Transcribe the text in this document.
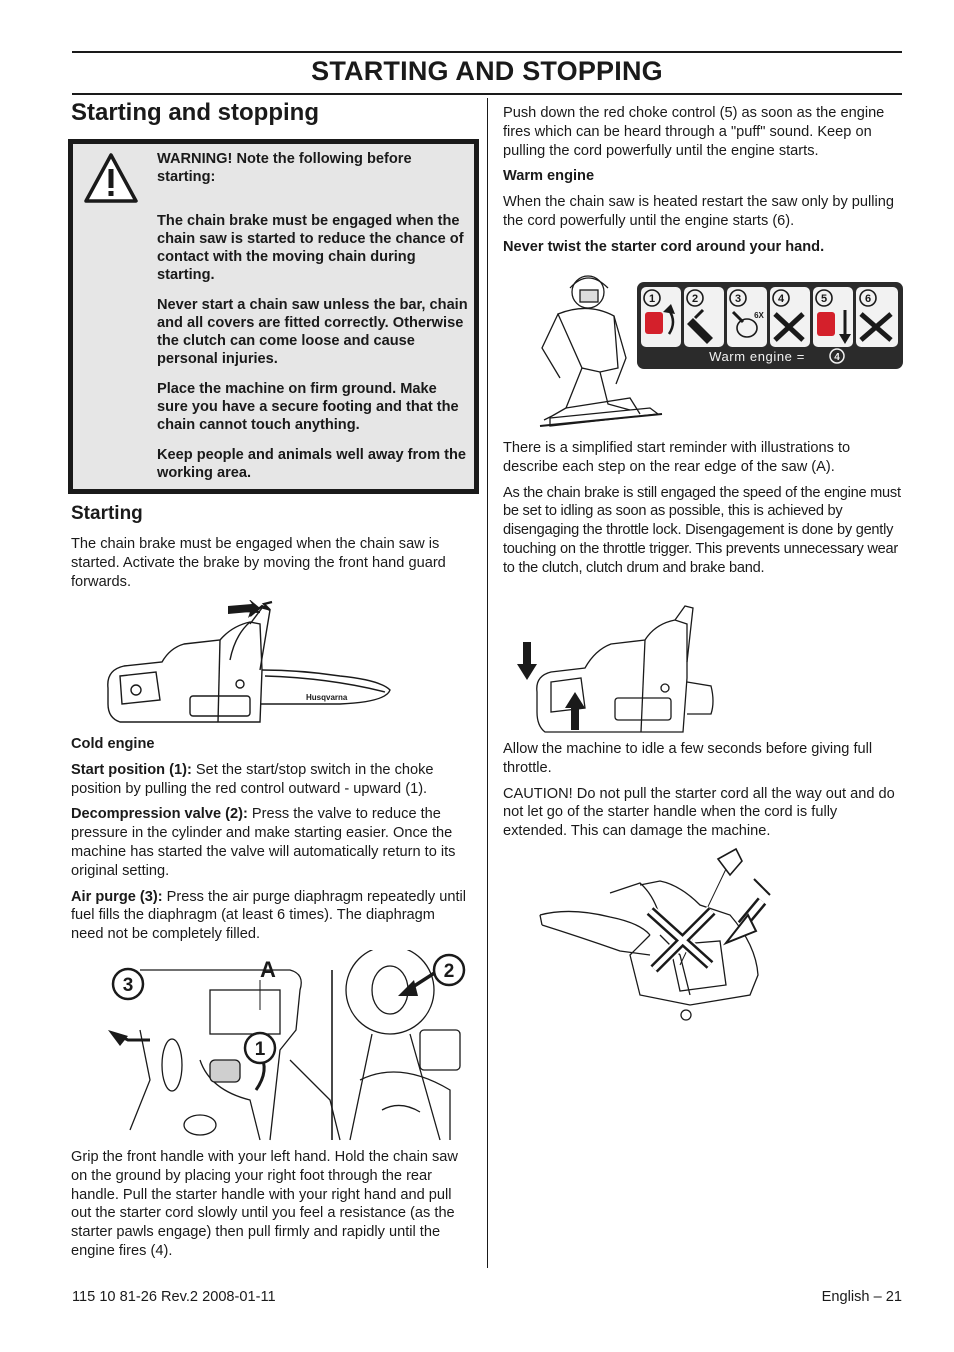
STARTING AND STOPPING
Starting and stopping

WARNING! Note the following before starting:

The chain brake must be engaged when the chain saw is started to reduce the chance of contact with the moving chain during starting.

Never start a chain saw unless the bar, chain and all covers are fitted correctly. Otherwise the clutch can come loose and cause personal injuries.

Place the machine on firm ground. Make sure you have a secure footing and that the chain cannot touch anything.

Keep people and animals well away from the working area.

Starting

The chain brake must be engaged when the chain saw is started. Activate the brake by moving the front hand guard forwards.

Husqvarna

Cold engine

Start position (1): Set the start/stop switch in the choke position by pulling the red control outward - upward (1).

Decompression valve (2): Press the valve to reduce the pressure in the cylinder and make starting easier. Once the machine has started the valve will automatically return to its original setting.

Air purge (3): Press the air purge diaphragm repeatedly until fuel fills the diaphragm (at least 6 times). The diaphragm need not be completely filled.

3
A
1
2

Grip the front handle with your left hand. Hold the chain saw on the ground by placing your right foot through the rear handle. Pull the starter handle with your right hand and pull out the starter cord slowly until you feel a resistance (as the starter pawls engage) then pull firmly and rapidly until the engine fires (4).

Push down the red choke control (5) as soon as the engine fires which can be heard through a "puff" sound. Keep on pulling the cord powerfully until the engine starts.

Warm engine

When the chain saw is heated restart the saw only by pulling the cord powerfully until the engine starts (6).

Never twist the starter cord around your hand.

1	2	3	4	5	6
6X
Warm engine =	4

There is a simplified start reminder with illustrations to describe each step on the rear edge of the saw (A).

As the chain brake is still engaged the speed of the engine must be set to idling as soon as possible, this is achieved by disengaging the throttle lock. Disengagement is done by gently touching on the throttle trigger. This prevents unnecessary wear to the clutch, clutch drum and brake band.

Allow the machine to idle a few seconds before giving full throttle.

CAUTION! Do not pull the starter cord all the way out and do not let go of the starter handle when the cord is fully extended. This can damage the machine.

115 10 81-26 Rev.2 2008-01-11	English – 21
